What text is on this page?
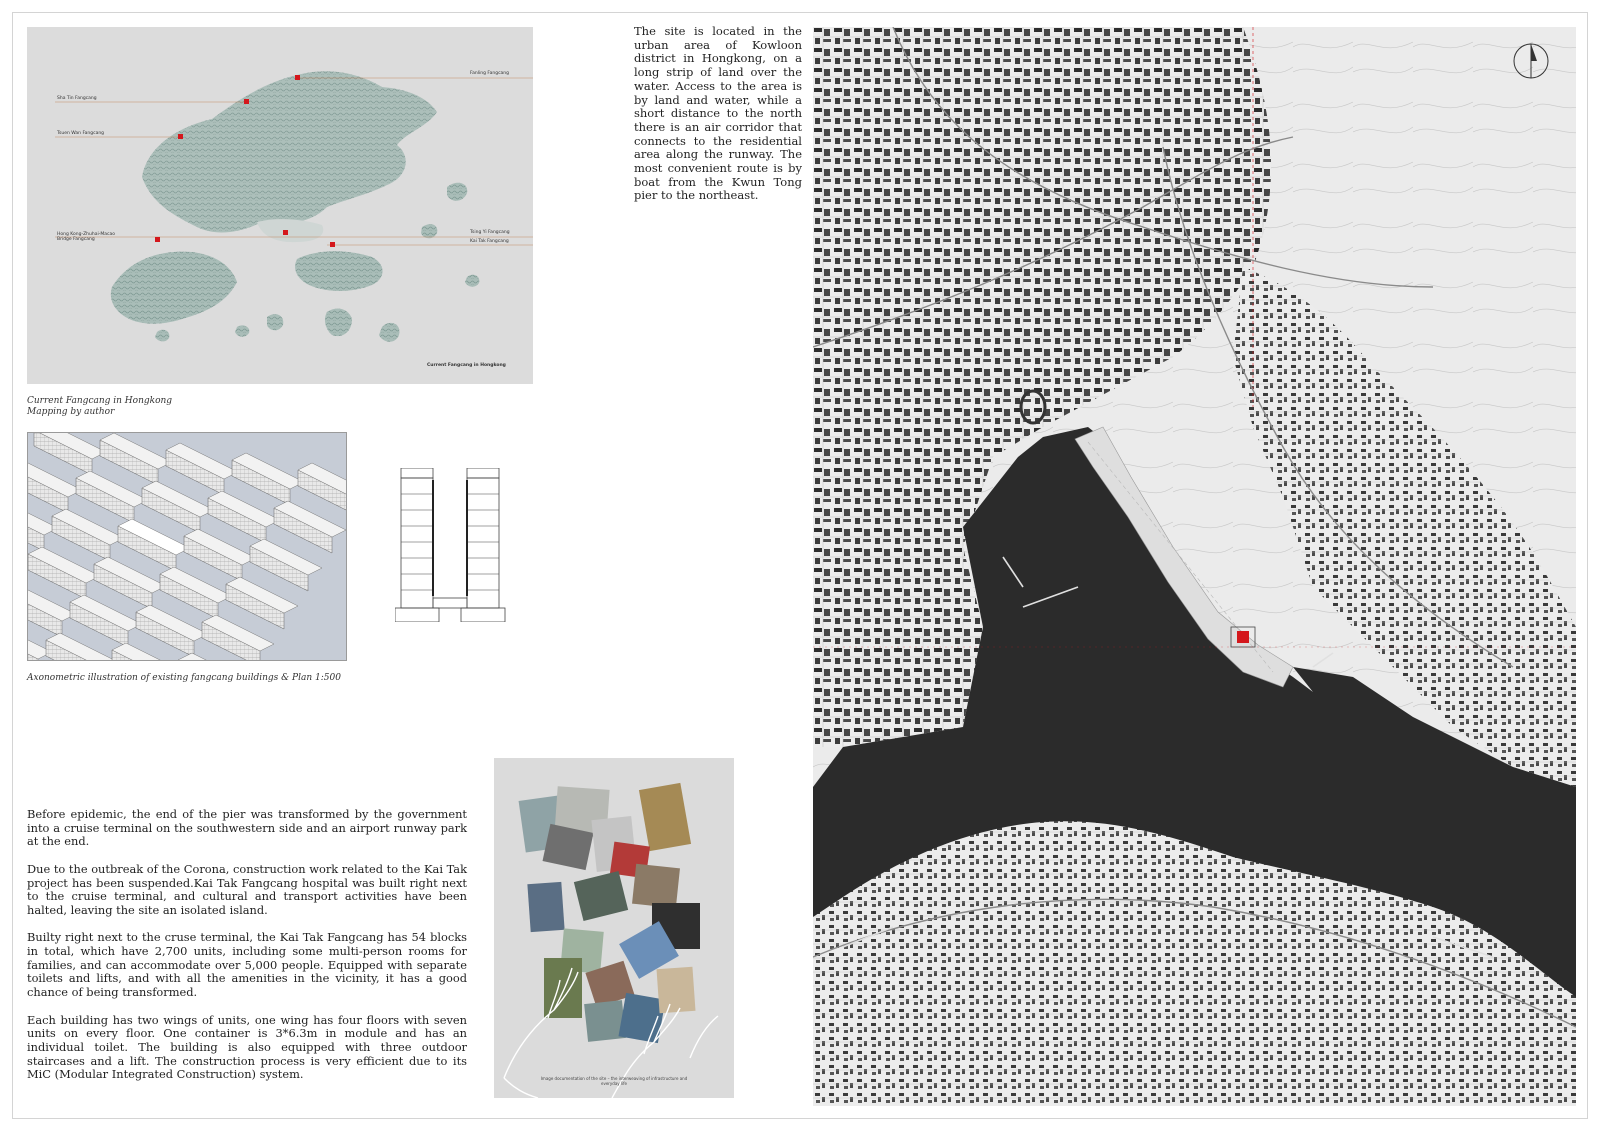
Sha Tin Fangcang
Tsuen Wan Fangcang
Hong Kong-Zhuhai-Macao
Bridge Fangcang
Fanling Fangcang
Tsing Yi Fangcang
Kai Tak Fangcang
Current Fangcang in Hongkong
Current Fangcang in Hongkong
Mapping by author
Axonometric illustration of existing fangcang buildings & Plan 1:500
The site is located in the urban area of Kowloon district in Hongkong, on a long strip of land over the water. Access to the area is by land and water, while a short distance to the north there is an air corridor that connects to the residential area along the runway. The most convenient route is by boat from the Kwun Tong pier to the northeast.

Before epidemic, the end of the pier was transformed by the government into a cruise terminal on the southwestern side and an airport runway park at the end.

Due to the outbreak of the Corona, construction work related to the Kai Tak project has been suspended.Kai Tak Fangcang hospital was built right next to the cruise terminal, and cultural and transport activities have been halted, leaving the site an isolated island.

Builty right next to the cruse terminal, the Kai Tak Fangcang has 54 blocks in total, which have 2,700 units, including some multi-person rooms for families, and can accommodate over 5,000 people. Equipped with separate toilets and lifts, and with all the amenities in the vicinity, it has a good chance of being transformed.

Each building has two wings of units, one wing has four floors with seven units on every floor. One container is 3*6.3m in module and has an individual toilet. The building is also equipped with three outdoor staircases and a lift. The construction process is very efficient due to its MiC (Modular Integrated Construction) system.	Image documentation of the site – the interweaving of infrastructure and everyday life
